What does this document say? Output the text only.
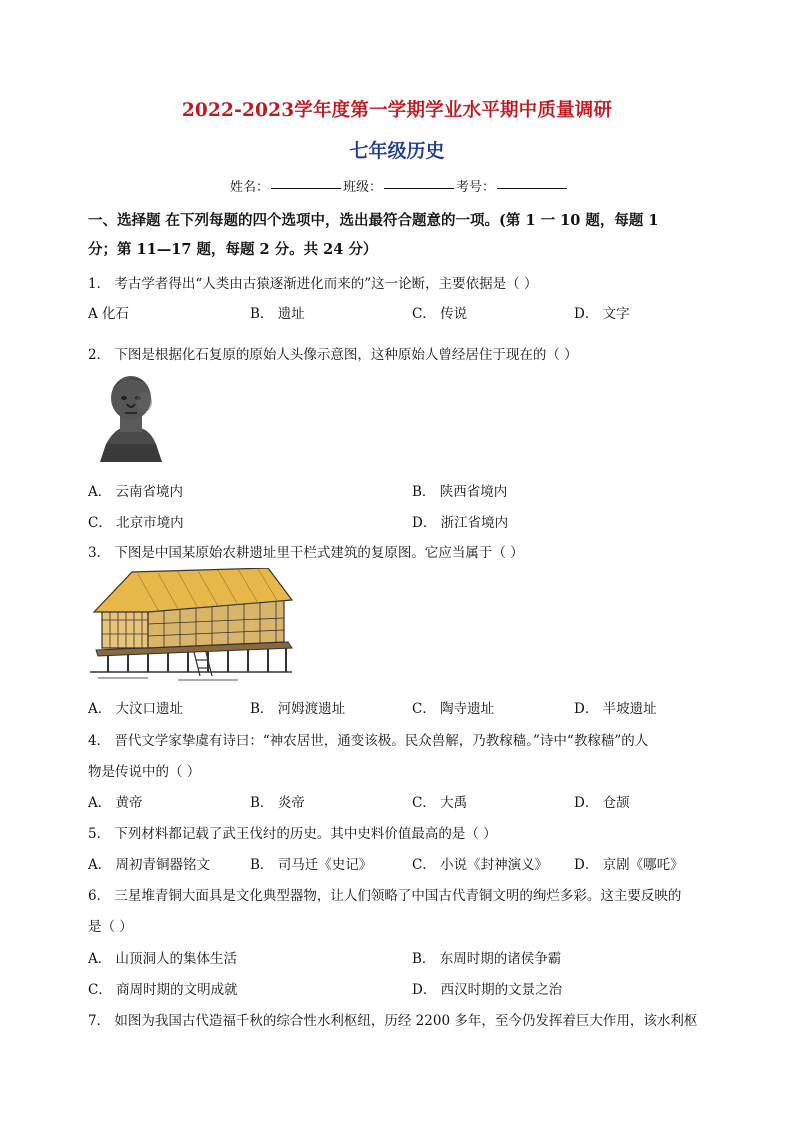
2022-2023学年度第一学期学业水平期中质量调研
七年级历史
姓名：	班级：	考号：
一、选择题 在下列每题的四个选项中，选出最符合题意的一项。(第 1 一 10 题，每题 1
分；第 11—17 题，每题 2 分。共 24 分）
1． 考古学者得出“人类由古猿逐渐进化而来的”这一论断，主要依据是（ ）
A 化石	B． 遗址	C． 传说	D． 文字
2． 下图是根据化石复原的原始人头像示意图，这种原始人曾经居住于现在的（ ）
A． 云南省境内	B． 陕西省境内
C． 北京市境内	D． 浙江省境内
3． 下图是中国某原始农耕遗址里干栏式建筑的复原图。它应当属于（ ）
A． 大汶口遗址	B． 河姆渡遗址	C． 陶寺遗址	D． 半坡遗址
4． 晋代文学家挚虞有诗曰：“神农居世，通变该极。民众兽解，乃教稼穑。”诗中“教稼穑”的人
物是传说中的（ ）
A． 黄帝	B． 炎帝	C． 大禹	D． 仓颉
5． 下列材料都记载了武王伐纣的历史。其中史料价值最高的是（ ）
A． 周初青铜器铭文	B． 司马迁《史记》	C． 小说《封神演义》 D． 京剧《哪吒》
6． 三星堆青铜大面具是文化典型器物，让人们领略了中国古代青铜文明的绚烂多彩。这主要反映的
是（ ）
A． 山顶洞人的集体生活	B． 东周时期的诸侯争霸
C． 商周时期的文明成就	D． 西汉时期的文景之治
7． 如图为我国古代造福千秋的综合性水利枢纽，历经 2200 多年，至今仍发挥着巨大作用，该水利枢
